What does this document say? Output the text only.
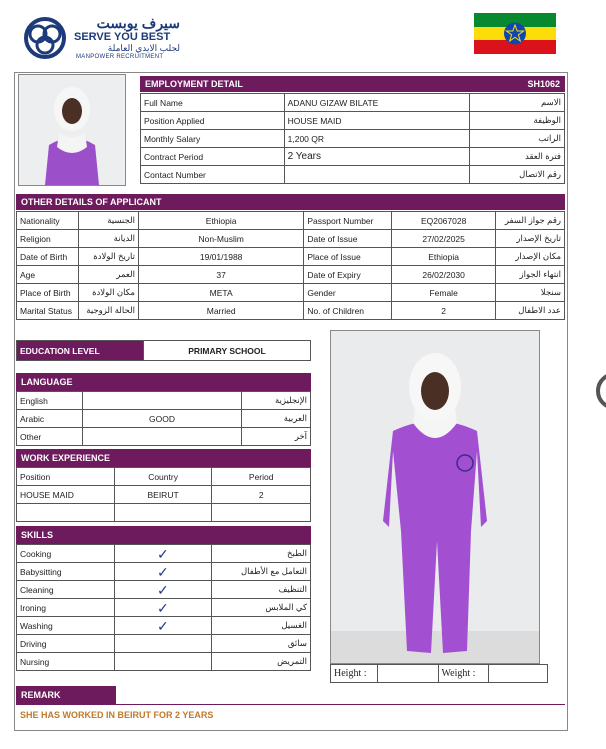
سيرف يوبست
SERVE YOU BEST
لجلب الايدي العاملة
MANPOWER RECRUITMENT
EMPLOYMENT DETAIL	SH1062
Full Name	ADANU GIZAW BILATE	الاسم
Position Applied	HOUSE MAID	الوظيفة
Monthly Salary	1,200 QR	الراتب
Contract Period	2 Years	فترة العقد
Contact Number		رقم الاتصال
OTHER DETAILS OF APPLICANT
Nationality	الجنسية	Ethiopia	Passport Number	EQ2067028	رقم جواز السفر
Religion	الديانة	Non-Muslim	Date of Issue	27/02/2025	تاريخ الإصدار
Date of Birth	تاريخ الولادة	19/01/1988	Place of Issue	Ethiopia	مكان الإصدار
Age	العمر	37	Date of Expiry	26/02/2030	انتهاء الجواز
Place of Birth	مكان الولادة	META	Gender	Female	سنجلا
Marital Status	الحالة الزوجية	Married	No. of Children	2	عدد الاطفال
EDUCATION LEVEL	PRIMARY SCHOOL
LANGUAGE
English		الإنجليزية
Arabic	GOOD	العربية
Other		آخر
WORK EXPERIENCE
Position	Country	Period
HOUSE MAID	BEIRUT	2

SKILLS
Cooking	✓	الطبخ
Babysitting	✓	التعامل مع الأطفال
Cleaning	✓	التنظيف
Ironing	✓	كي الملابس
Washing	✓	الغسيل
Driving		سائق
Nursing		التمريض
Height :		Weight :	
REMARK
SHE HAS WORKED IN BEIRUT FOR 2 YEARS
